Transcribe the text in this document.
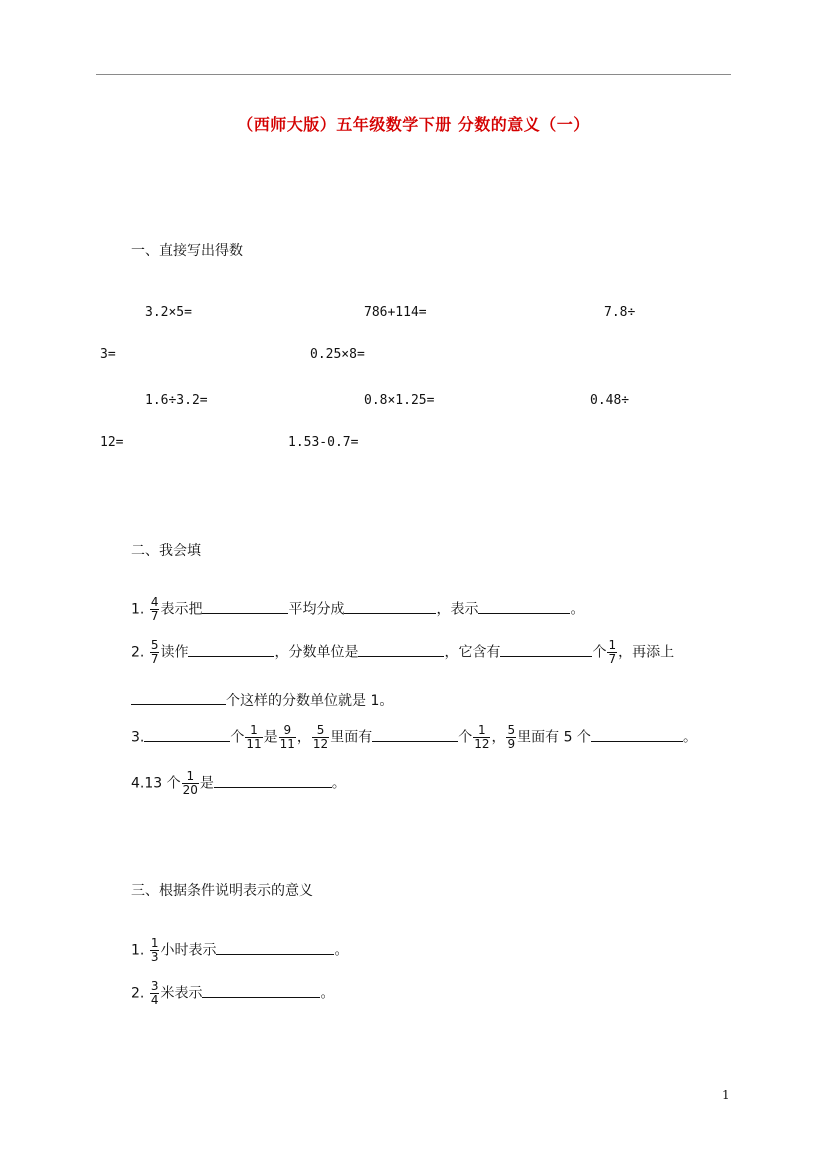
（西师大版）五年级数学下册 分数的意义（一）
一、直接写出得数
3.2×5=	786+114=	7.8÷
3=	0.25×8=
1.6÷3.2=	0.8×1.25=	0.48÷
12=	1.53-0.7=
二、我会填
1. $\frac{4}{7}$ 表示把	平均分成	，表示	。
2. $\frac{5}{7}$ 读作	，分数单位是	，它含有	个 $\frac{1}{7}$ ，再添上
个这样的分数单位就是 1。
3.	个 $\frac{1}{11}$ 是 $\frac{9}{11}$ ， $\frac{5}{12}$ 里面有	个 $\frac{1}{12}$ ， $\frac{5}{9}$ 里面有 5 个	。
4.13 个 $\frac{1}{20}$ 是	。
三、根据条件说明表示的意义
1. $\frac{1}{3}$ 小时表示	。
2. $\frac{3}{4}$ 米表示	。
1
